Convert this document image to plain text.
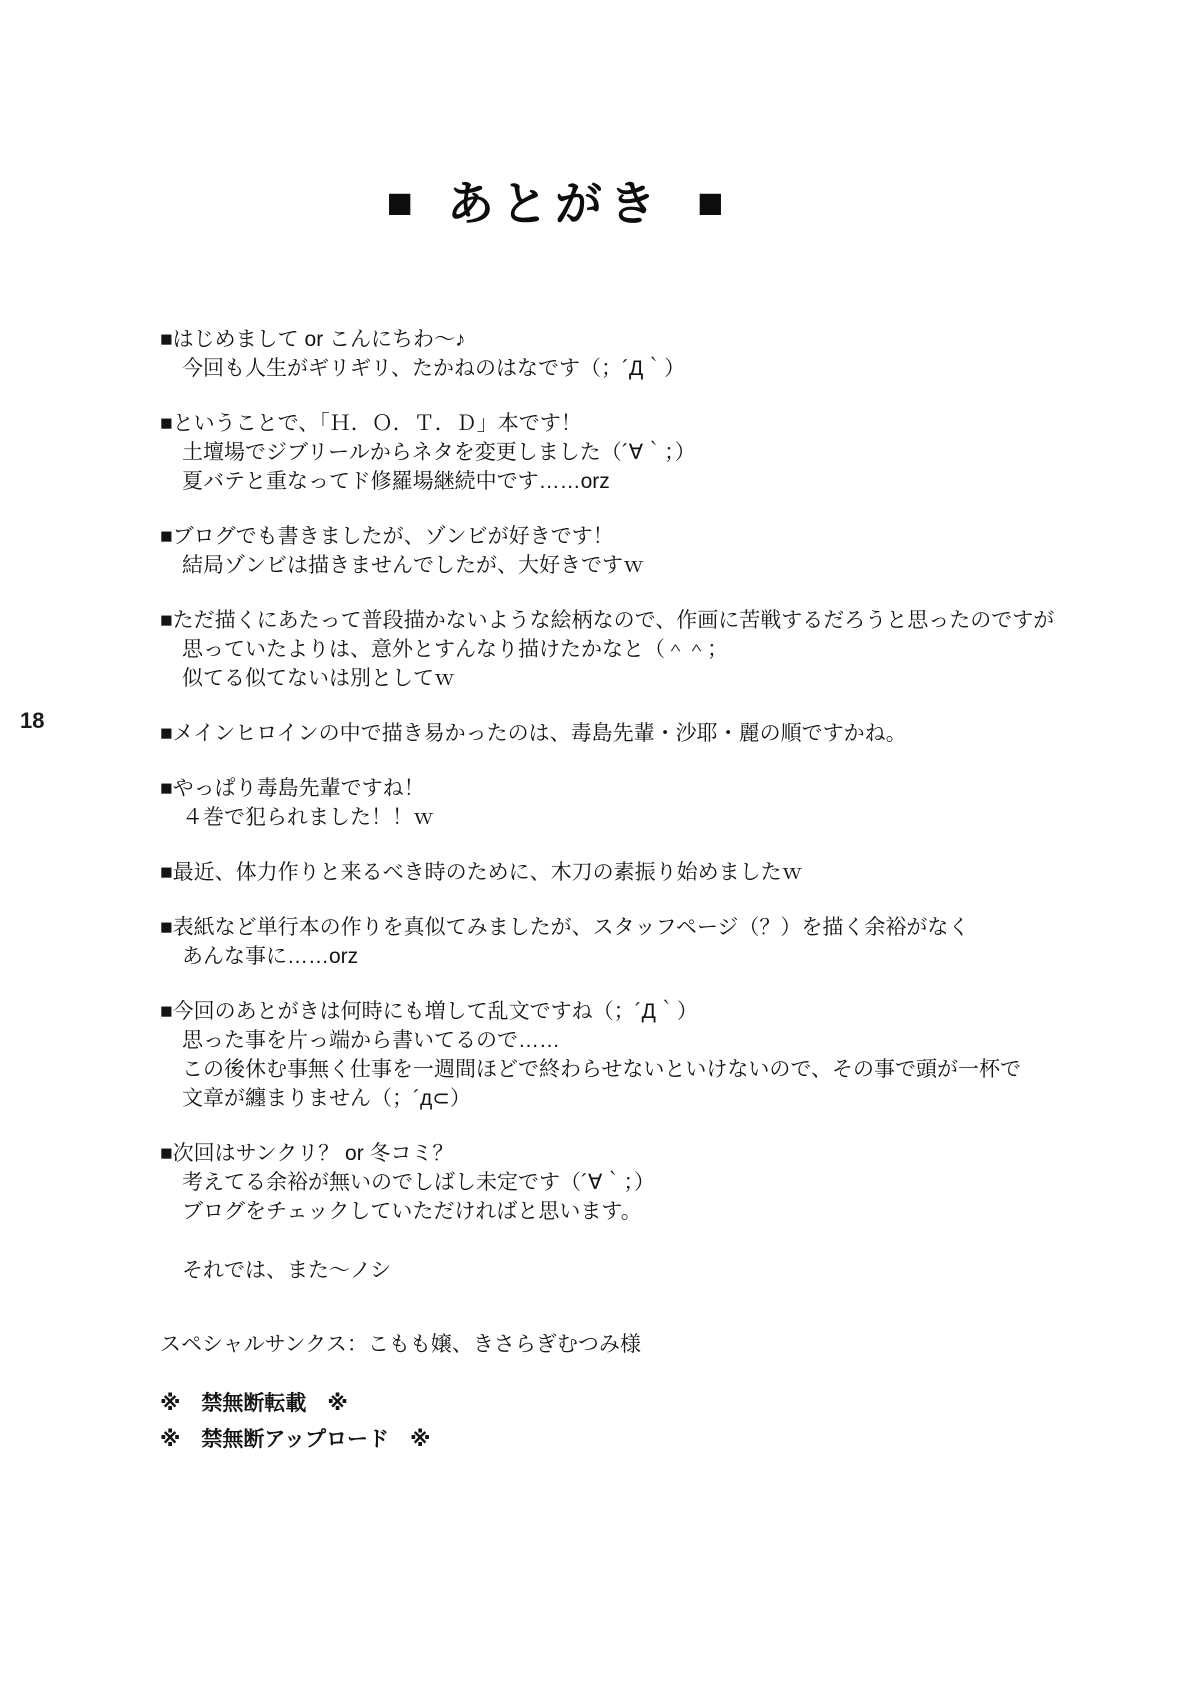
18
■ あとがき ■

■はじめまして or こんにちわ～♪

今回も人生がギリギリ、たかねのはなです（；´Д｀）

■ということで、「Ｈ．Ｏ．Ｔ．Ｄ」本です！

土壇場でジブリールからネタを変更しました（´∀｀；）

夏バテと重なってド修羅場継続中です……orz

■ブログでも書きましたが、ゾンビが好きです！

結局ゾンビは描きませんでしたが、大好きですｗ

■ただ描くにあたって普段描かないような絵柄なので、作画に苦戦するだろうと思ったのですが

思っていたよりは、意外とすんなり描けたかなと（＾＾；

似てる似てないは別としてｗ

■メインヒロインの中で描き易かったのは、毒島先輩・沙耶・麗の順ですかね。

■やっぱり毒島先輩ですね！

４巻で犯られました！！ｗ

■最近、体力作りと来るべき時のために、木刀の素振り始めましたｗ

■表紙など単行本の作りを真似てみましたが、スタッフページ（？）を描く余裕がなく

あんな事に……orz

■今回のあとがきは何時にも増して乱文ですね（；´Д｀）

思った事を片っ端から書いてるので……

この後休む事無く仕事を一週間ほどで終わらせないといけないので、その事で頭が一杯で

文章が纏まりません（；´д⊂）

■次回はサンクリ？ or 冬コミ？

考えてる余裕が無いのでしばし未定です（´∀｀；）

ブログをチェックしていただければと思います。

それでは、また～ノシ

スペシャルサンクス：こもも嬢、きさらぎむつみ様

※　禁無断転載　※

※　禁無断アップロード　※
